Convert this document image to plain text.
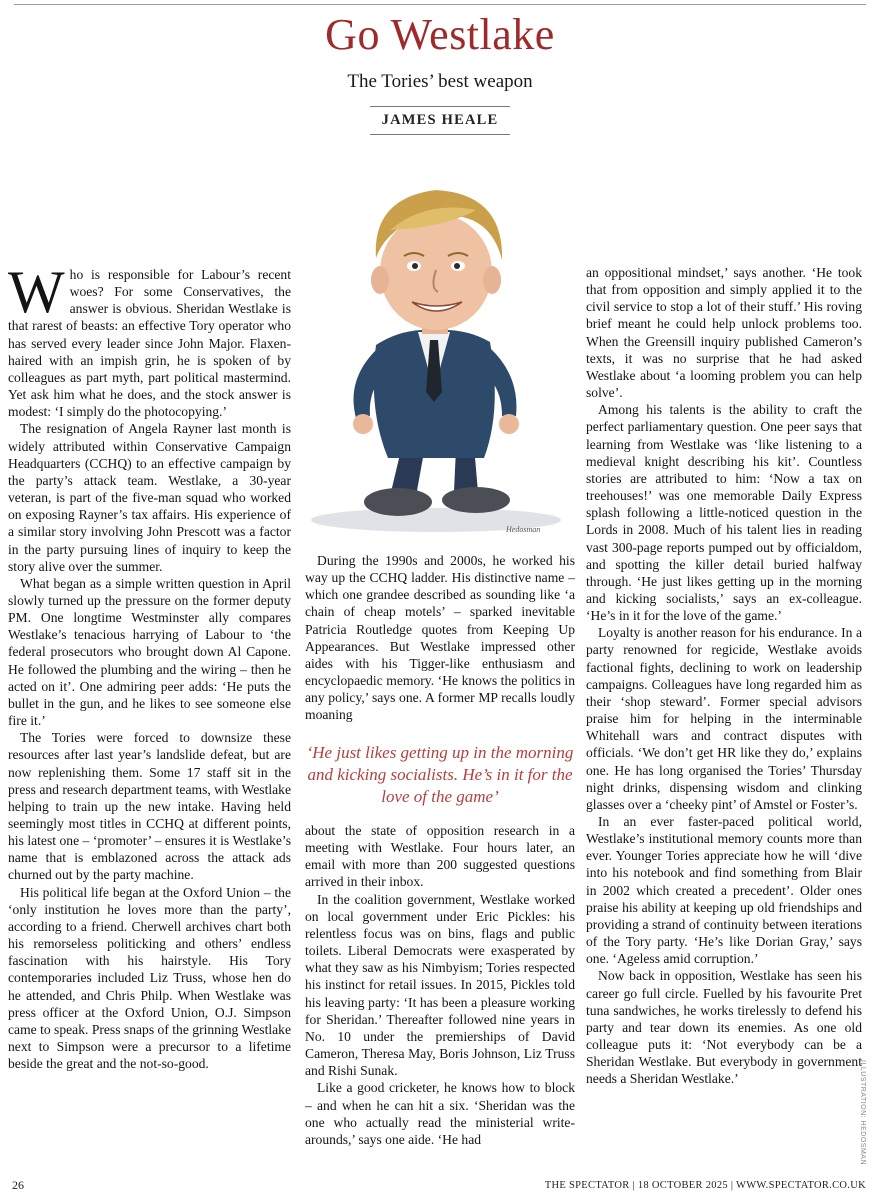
Go Westlake
The Tories’ best weapon
JAMES HEALE
Hedosman

Who is responsible for Labour’s recent woes? For some Conservatives, the answer is obvious. Sheridan Westlake is that rarest of beasts: an effective Tory operator who has served every leader since John Major. Flaxen-haired with an impish grin, he is spoken of by colleagues as part myth, part political mastermind. Yet ask him what he does, and the stock answer is modest: ‘I simply do the photocopying.’

The resignation of Angela Rayner last month is widely attributed within Conservative Campaign Headquarters (CCHQ) to an effective campaign by the party’s attack team. Westlake, a 30-year veteran, is part of the five-man squad who worked on exposing Rayner’s tax affairs. His experience of a similar story involving John Prescott was a factor in the party pursuing lines of inquiry to keep the story alive over the summer.

What began as a simple written question in April slowly turned up the pressure on the former deputy PM. One longtime Westminster ally compares Westlake’s tenacious harrying of Labour to ‘the federal prosecutors who brought down Al Capone. He followed the plumbing and the wiring – then he acted on it’. One admiring peer adds: ‘He puts the bullet in the gun, and he likes to see someone else fire it.’

The Tories were forced to downsize these resources after last year’s landslide defeat, but are now replenishing them. Some 17 staff sit in the press and research department teams, with Westlake helping to train up the new intake. Having held seemingly most titles in CCHQ at different points, his latest one – ‘promoter’ – ensures it is Westlake’s name that is emblazoned across the attack ads churned out by the party machine.

His political life began at the Oxford Union – the ‘only institution he loves more than the party’, according to a friend. Cherwell archives chart both his remorseless politicking and others’ endless fascination with his hairstyle. His Tory contemporaries included Liz Truss, whose hen do he attended, and Chris Philp. When Westlake was press officer at the Oxford Union, O.J. Simpson came to speak. Press snaps of the grinning Westlake next to Simpson were a precursor to a lifetime beside the great and the not-so-good.

During the 1990s and 2000s, he worked his way up the CCHQ ladder. His distinctive name – which one grandee described as sounding like ‘a chain of cheap motels’ – sparked inevitable Patricia Routledge quotes from Keeping Up Appearances. But Westlake impressed other aides with his Tigger-like enthusiasm and encyclopaedic memory. ‘He knows the politics in any policy,’ says one. A former MP recalls loudly moaning

‘He just likes getting up in the morning and kicking socialists. He’s in it for the love of the game’

about the state of opposition research in a meeting with Westlake. Four hours later, an email with more than 200 suggested questions arrived in their inbox.

In the coalition government, Westlake worked on local government under Eric Pickles: his relentless focus was on bins, flags and public toilets. Liberal Democrats were exasperated by what they saw as his Nimbyism; Tories respected his instinct for retail issues. In 2015, Pickles told his leaving party: ‘It has been a pleasure working for Sheridan.’ Thereafter followed nine years in No. 10 under the premierships of David Cameron, Theresa May, Boris Johnson, Liz Truss and Rishi Sunak.

Like a good cricketer, he knows how to block – and when he can hit a six. ‘Sheridan was the one who actually read the ministerial write-arounds,’ says one aide. ‘He had

an oppositional mindset,’ says another. ‘He took that from opposition and simply applied it to the civil service to stop a lot of their stuff.’ His roving brief meant he could help unlock problems too. When the Greensill inquiry published Cameron’s texts, it was no surprise that he had asked Westlake about ‘a looming problem you can help solve’.

Among his talents is the ability to craft the perfect parliamentary question. One peer says that learning from Westlake was ‘like listening to a medieval knight describing his kit’. Countless stories are attributed to him: ‘Now a tax on treehouses!’ was one memorable Daily Express splash following a little-noticed question in the Lords in 2008. Much of his talent lies in reading vast 300-page reports pumped out by officialdom, and spotting the killer detail buried halfway through. ‘He just likes getting up in the morning and kicking socialists,’ says an ex-colleague. ‘He’s in it for the love of the game.’

Loyalty is another reason for his endurance. In a party renowned for regicide, Westlake avoids factional fights, declining to work on leadership campaigns. Colleagues have long regarded him as their ‘shop steward’. Former special advisors praise him for helping in the interminable Whitehall wars and contract disputes with officials. ‘We don’t get HR like they do,’ explains one. He has long organised the Tories’ Thursday night drinks, dispensing wisdom and clinking glasses over a ‘cheeky pint’ of Amstel or Foster’s.

In an ever faster-paced political world, Westlake’s institutional memory counts more than ever. Younger Tories appreciate how he will ‘dive into his notebook and find something from Blair in 2002 which created a precedent’. Older ones praise his ability at keeping up old friendships and providing a strand of continuity between iterations of the Tory party. ‘He’s like Dorian Gray,’ says one. ‘Ageless amid corruption.’

Now back in opposition, Westlake has seen his career go full circle. Fuelled by his favourite Pret tuna sandwiches, he works tirelessly to defend his party and tear down its enemies. As one old colleague puts it: ‘Not everybody can be a Sheridan Westlake. But everybody in government needs a Sheridan Westlake.’	ILLUSTRATION: HEDOSMAN
26	THE SPECTATOR | 18 OCTOBER 2025 | WWW.SPECTATOR.CO.UK
